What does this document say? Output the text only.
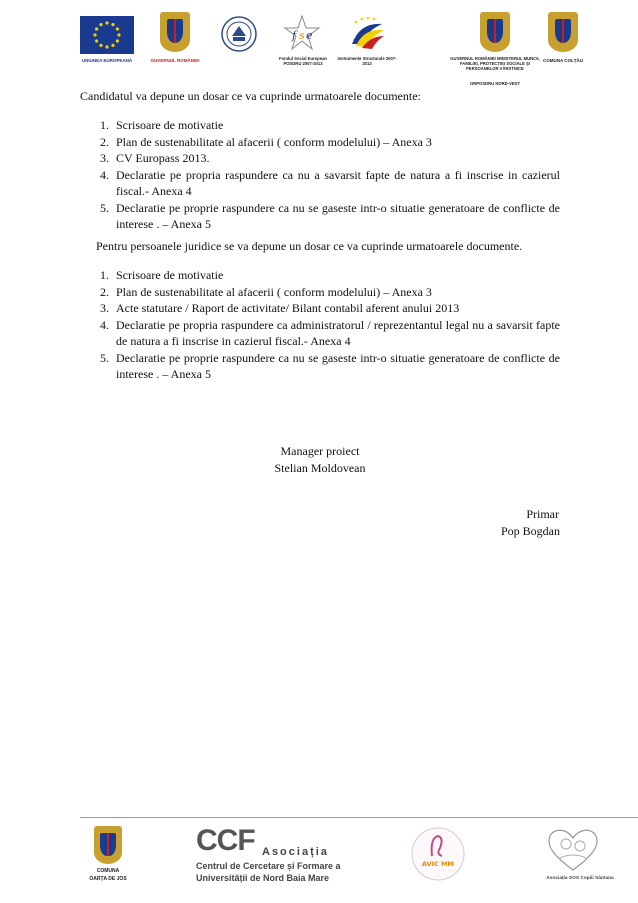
UNIUNEA EUROPEANĂ	GUVERNUL ROMÂNIEI
f s e
Fondul Social European POSDRU 2007-2013
Instrumente Structurale 2007-2013
GUVERNUL ROMÂNIEI MINISTERUL MUNCII, FAMILIEI, PROTECȚIEI SOCIALE ȘI PERSOANELOR VÂRSTNICE
ORPOSDRU NORD-VEST
COMUNA COLȚĂU
Candidatul va depune un dosar ce va cuprinde urmatoarele documente:
1. Scrisoare de motivatie
2. Plan de sustenabilitate al afacerii ( conform modelului) – Anexa 3
3. CV Europass 2013.
4. Declaratie pe propria raspundere ca nu a savarsit fapte de natura a fi inscrise in cazierul fiscal.- Anexa 4
5. Declaratie pe proprie raspundere ca nu se gaseste intr-o situatie generatoare de conflicte de interese . – Anexa 5
Pentru persoanele juridice se va depune un dosar ce va cuprinde urmatoarele documente.
1. Scrisoare de motivatie
2. Plan de sustenabilitate al afacerii ( conform modelului) – Anexa 3
3. Acte statutare / Raport de activitate/ Bilant contabil aferent anului 2013
4. Declaratie pe propria raspundere ca administratorul / reprezentantul legal nu a savarsit fapte de natura a fi inscrise in cazierul fiscal.- Anexa 4
5. Declaratie pe proprie raspundere ca nu se gaseste intr-o situatie generatoare de conflicte de interese . – Anexa 5
Manager proiect
Stelian Moldovean
Primar
Pop Bogdan
COMUNA
OARȚA DE JOS
CCF Asociația
Centrul de Cercetare și Formare a
Universității de Nord Baia Mare
AVIC MM
Asociația SOS Copiii Sântana
